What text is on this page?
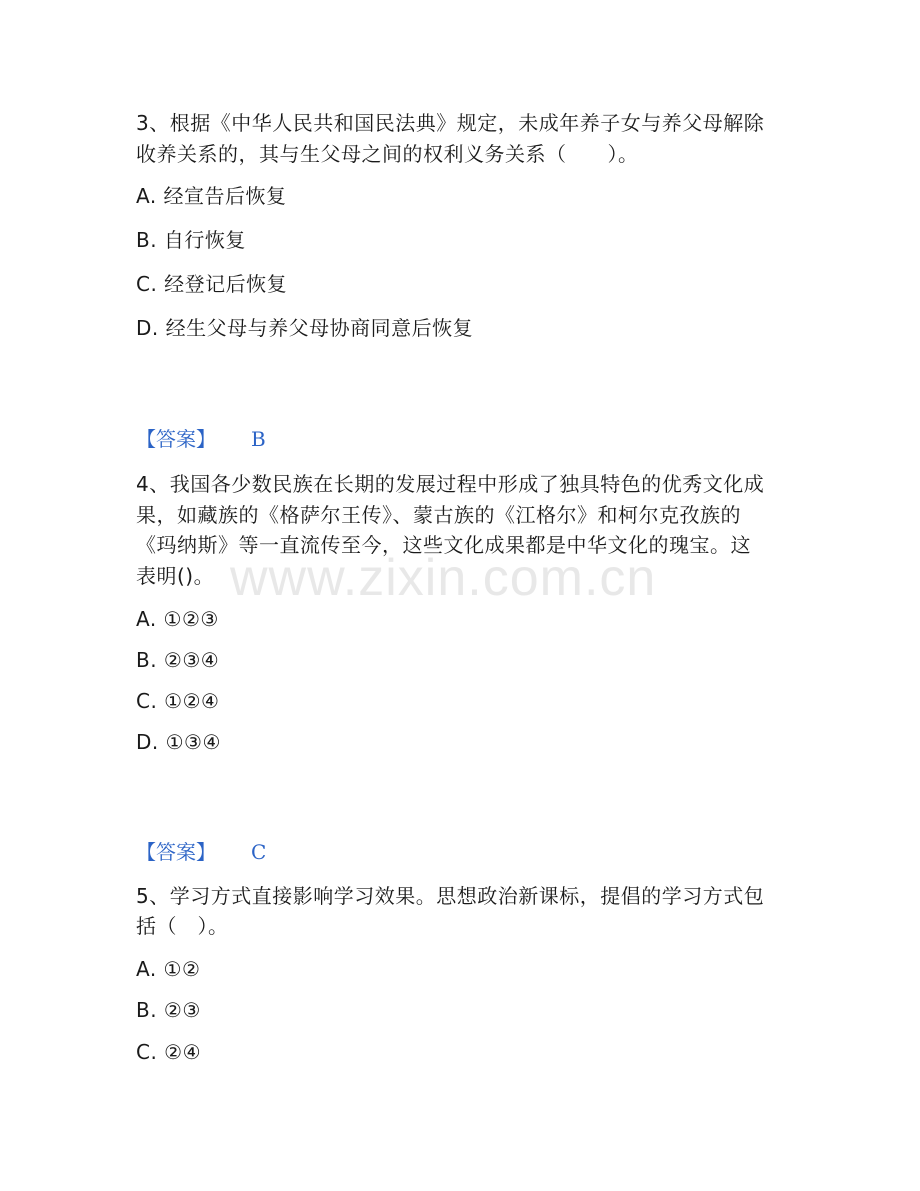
3、根据《中华人民共和国民法典》规定，未成年养子女与养父母解除
收养关系的，其与生父母之间的权利义务关系（　　）。
A. 经宣告后恢复
B. 自行恢复
C. 经登记后恢复
D. 经生父母与养父母协商同意后恢复
【答案】 B
4、我国各少数民族在长期的发展过程中形成了独具特色的优秀文化成
果，如藏族的《格萨尔王传》、蒙古族的《江格尔》和柯尔克孜族的
《玛纳斯》等一直流传至今，这些文化成果都是中华文化的瑰宝。这
表明()。
A. ①②③
B. ②③④
C. ①②④
D. ①③④
【答案】 C
5、学习方式直接影响学习效果。思想政治新课标，提倡的学习方式包
括（　）。
A. ①②
B. ②③
C. ②④
www.zixin.com.cn
